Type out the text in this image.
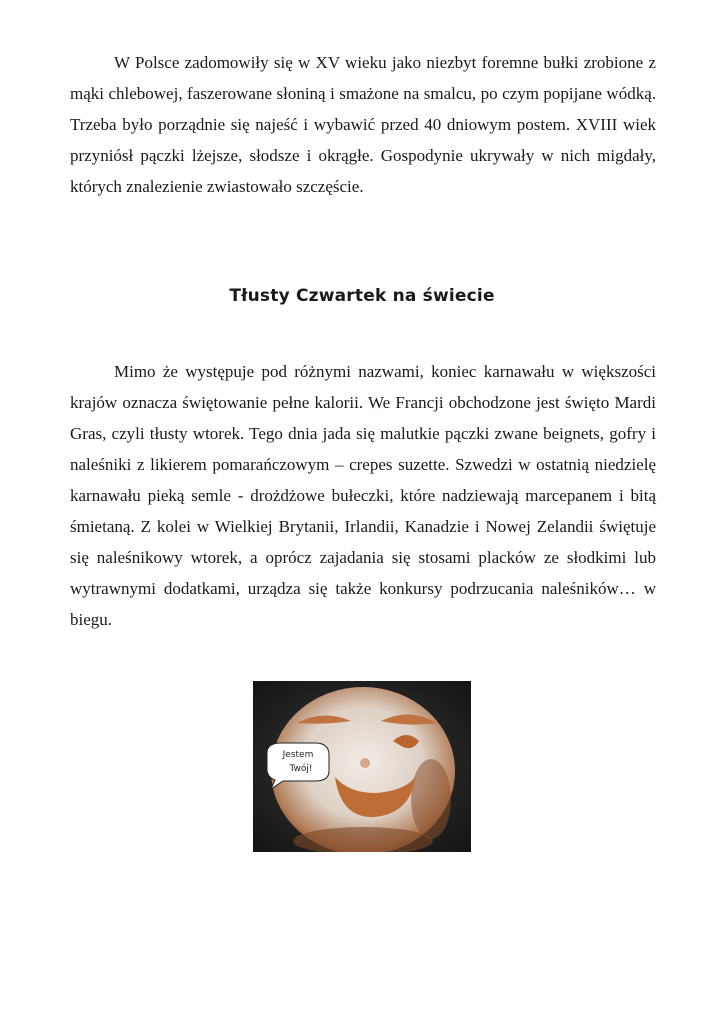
W Polsce zadomowiły się w XV wieku jako niezbyt foremne bułki zrobione z mąki chlebowej, faszerowane słoniną i smażone na smalcu, po czym popijane wódką. Trzeba było porządnie się najeść i wybawić przed 40 dniowym postem. XVIII wiek przyniósł pączki lżejsze, słodsze i okrągłe. Gospodynie ukrywały w nich migdały, których znalezienie zwiastowało szczęście.

Tłusty Czwartek na świecie

Mimo że występuje pod różnymi nazwami, koniec karnawału w większości krajów oznacza świętowanie pełne kalorii. We Francji obchodzone jest święto Mardi Gras, czyli tłusty wtorek. Tego dnia jada się malutkie pączki zwane beignets, gofry i naleśniki z likierem pomarańczowym – crepes suzette. Szwedzi w ostatnią niedzielę karnawału pieką semle - drożdżowe bułeczki, które nadziewają marcepanem i bitą śmietaną. Z kolei w Wielkiej Brytanii, Irlandii, Kanadzie i Nowej Zelandii świętuje się naleśnikowy wtorek, a oprócz zajadania się stosami placków ze słodkimi lub wytrawnymi dodatkami, urządza się także konkursy podrzucania naleśników… w biegu.

Jestem
Twój!
